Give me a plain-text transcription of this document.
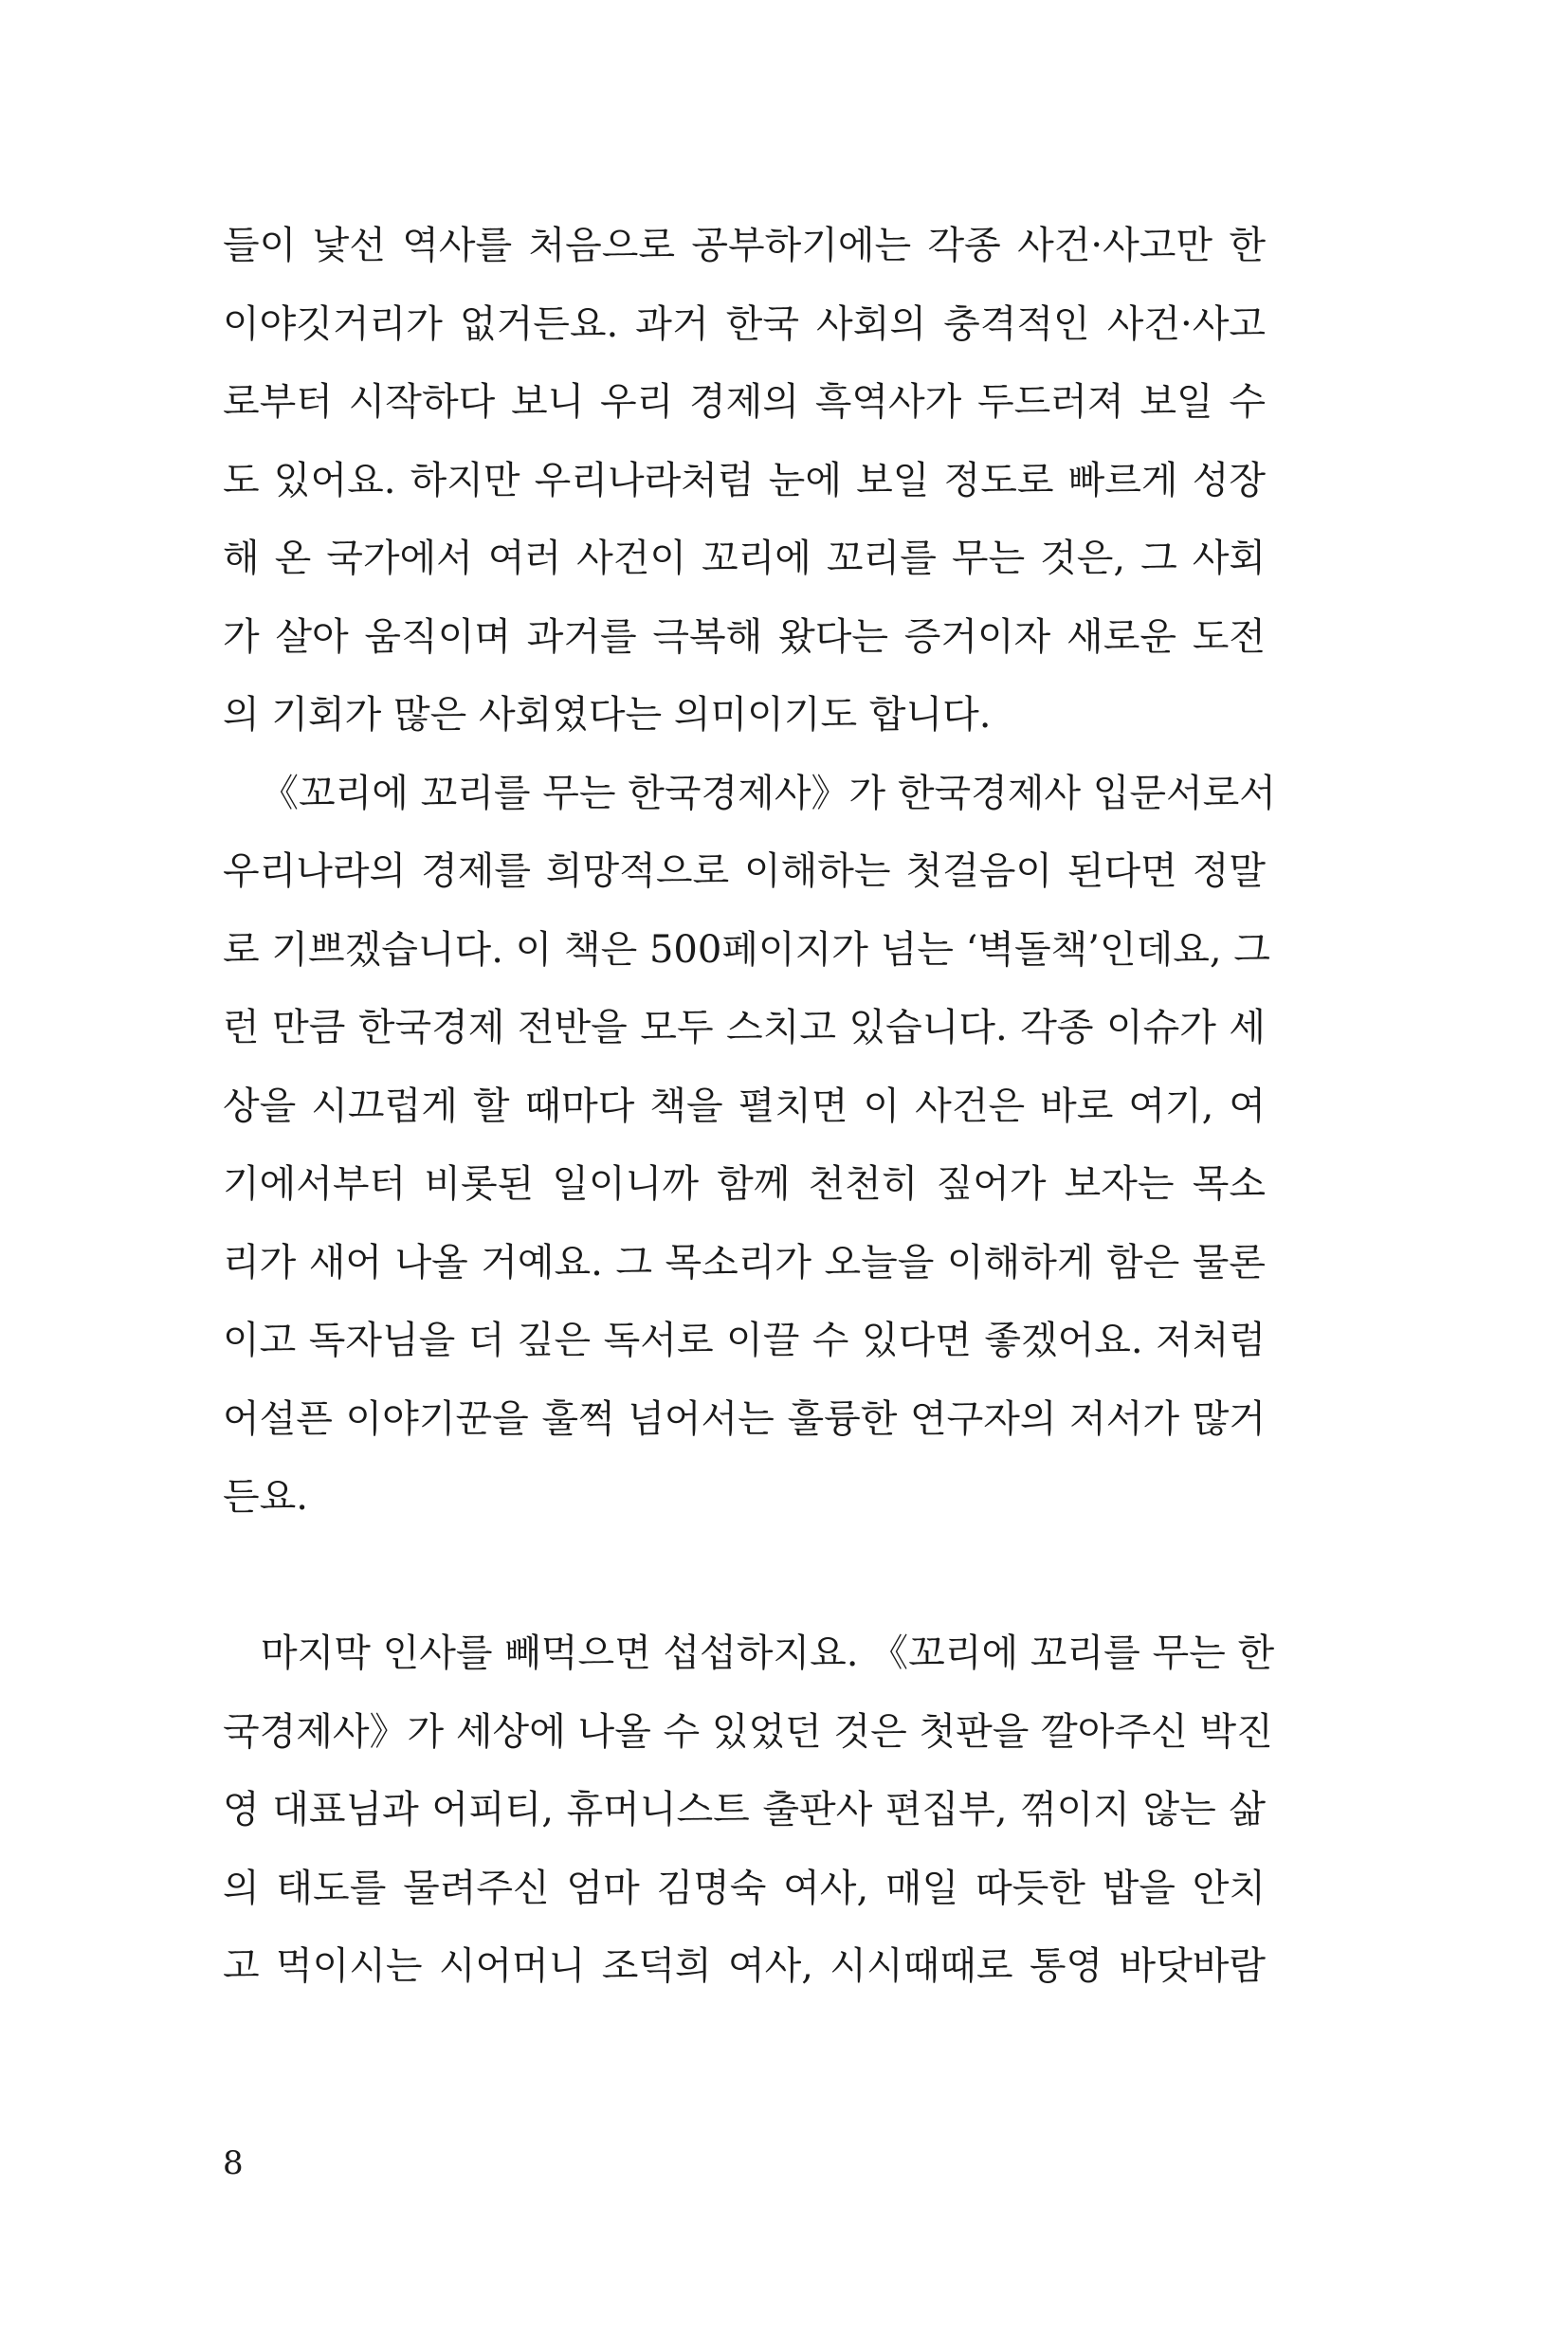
들이 낯선 역사를 처음으로 공부하기에는 각종 사건·사고만 한
이야깃거리가 없거든요. 과거 한국 사회의 충격적인 사건·사고
로부터 시작하다 보니 우리 경제의 흑역사가 두드러져 보일 수
도 있어요. 하지만 우리나라처럼 눈에 보일 정도로 빠르게 성장
해 온 국가에서 여러 사건이 꼬리에 꼬리를 무는 것은, 그 사회
가 살아 움직이며 과거를 극복해 왔다는 증거이자 새로운 도전
의 기회가 많은 사회였다는 의미이기도 합니다.
《꼬리에 꼬리를 무는 한국경제사》가 한국경제사 입문서로서
우리나라의 경제를 희망적으로 이해하는 첫걸음이 된다면 정말
로 기쁘겠습니다. 이 책은 500페이지가 넘는 ‘벽돌책’인데요, 그
런 만큼 한국경제 전반을 모두 스치고 있습니다. 각종 이슈가 세
상을 시끄럽게 할 때마다 책을 펼치면 이 사건은 바로 여기, 여
기에서부터 비롯된 일이니까 함께 천천히 짚어가 보자는 목소
리가 새어 나올 거예요. 그 목소리가 오늘을 이해하게 함은 물론
이고 독자님을 더 깊은 독서로 이끌 수 있다면 좋겠어요. 저처럼
어설픈 이야기꾼을 훌쩍 넘어서는 훌륭한 연구자의 저서가 많거
든요.
마지막 인사를 빼먹으면 섭섭하지요. 《꼬리에 꼬리를 무는 한
국경제사》가 세상에 나올 수 있었던 것은 첫판을 깔아주신 박진
영 대표님과 어피티, 휴머니스트 출판사 편집부, 꺾이지 않는 삶
의 태도를 물려주신 엄마 김명숙 여사, 매일 따듯한 밥을 안치
고 먹이시는 시어머니 조덕희 여사, 시시때때로 통영 바닷바람
8
